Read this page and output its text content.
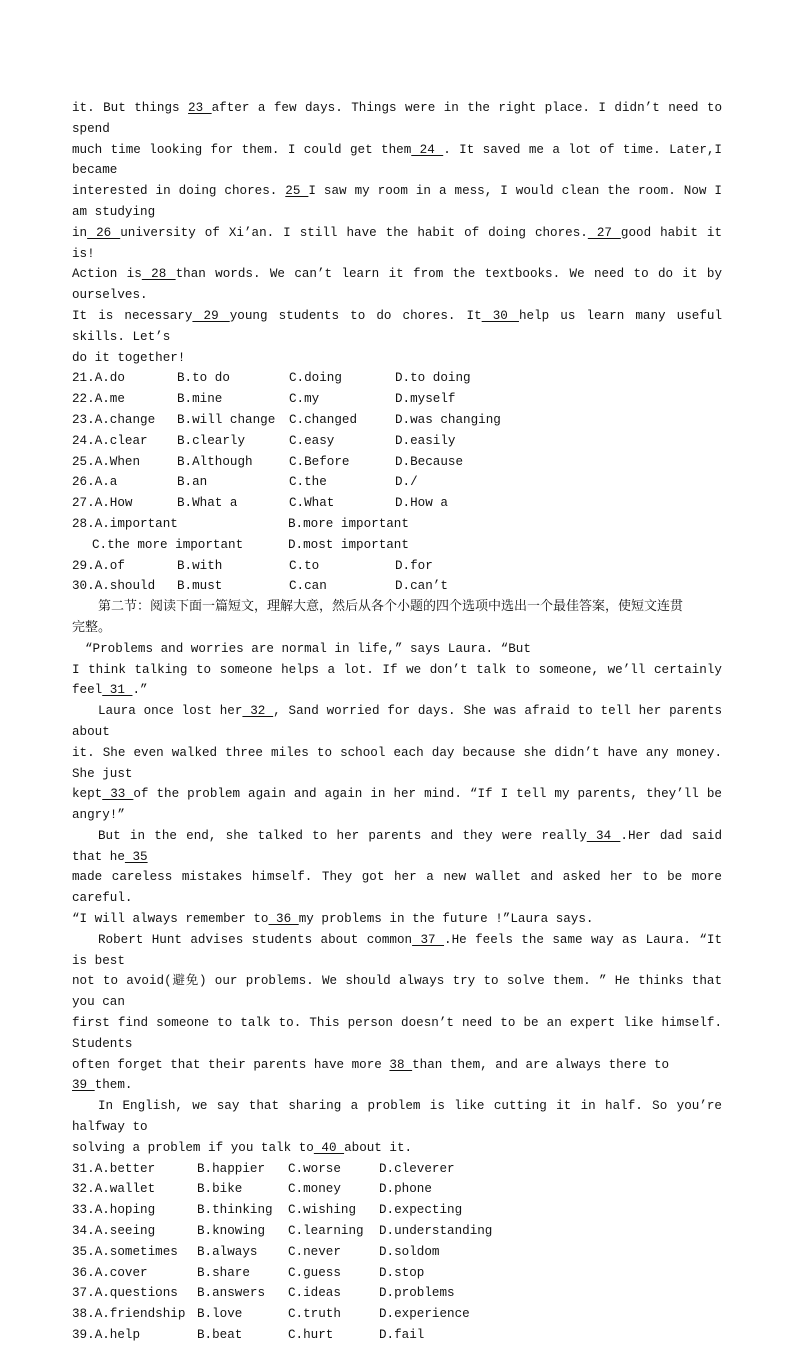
it. But things 23 after a few days. Things were in the right place. I didn’t need to spend

much time looking for them. I could get them 24 . It saved me a lot of time. Later,I became

interested in doing chores. 25 I saw my room in a mess, I would clean the room. Now I am studying

in 26 university of Xi’an. I still have the habit of doing chores. 27 good habit it is!

Action is 28 than words. We can’t learn it from the textbooks. We need to do it by ourselves.

It is necessary 29 young students to do chores. It 30 help us learn many useful skills. Let’s

do it together!

21.A.do	B.to do	C.doing	D.to doing
22.A.me	B.mine	C.my	D.myself
23.A.change	B.will change	C.changed	D.was changing
24.A.clear	B.clearly	C.easy	D.easily
25.A.When	B.Although	C.Before	D.Because
26.A.a	B.an	C.the	D./
27.A.How	B.What a	C.What	D.How a
28.A.important	B.more important
C.the more important	D.most important
29.A.of	B.with	C.to	D.for
30.A.should	B.must	C.can	D.can’t

第二节：阅读下面一篇短文，理解大意，然后从各个小题的四个选项中选出一个最佳答案，使短文连贯

完整。

“Problems and worries are normal in life,” says Laura. “But

I think talking to someone helps a lot. If we don’t talk to someone, we’ll certainly feel 31 .”

Laura once lost her 32 , Sand worried for days. She was afraid to tell her parents about

it. She even walked three miles to school each day because she didn’t have any money. She just

kept 33 of the problem again and again in her mind. “If I tell my parents, they’ll be angry!”

But in the end, she talked to her parents and they were really 34 .Her dad said that he 35

made careless mistakes himself. They got her a new wallet and asked her to be more careful.

“I will always remember to 36 my problems in the future !”Laura says.

Robert Hunt advises students about common 37 .He feels the same way as Laura. “It is best

not to avoid(避免) our problems. We should always try to solve them. ” He thinks that you can

first find someone to talk to. This person doesn’t need to be an expert like himself. Students

often forget that their parents have more 38 than them, and are always there to

39 them.

In English, we say that sharing a problem is like cutting it in half. So you’re halfway to

solving a problem if you talk to 40 about it.

31.A.better	B.happier	C.worse	D.cleverer
32.A.wallet	B.bike	C.money	D.phone
33.A.hoping	B.thinking	C.wishing	D.expecting
34.A.seeing	B.knowing	C.learning	D.understanding
35.A.sometimes	B.always	C.never	D.soldom
36.A.cover	B.share	C.guess	D.stop
37.A.questions	B.answers	C.ideas	D.problems
38.A.friendship B.love	C.truth	D.experience
39.A.help	B.beat	C.hurt	D.fail
